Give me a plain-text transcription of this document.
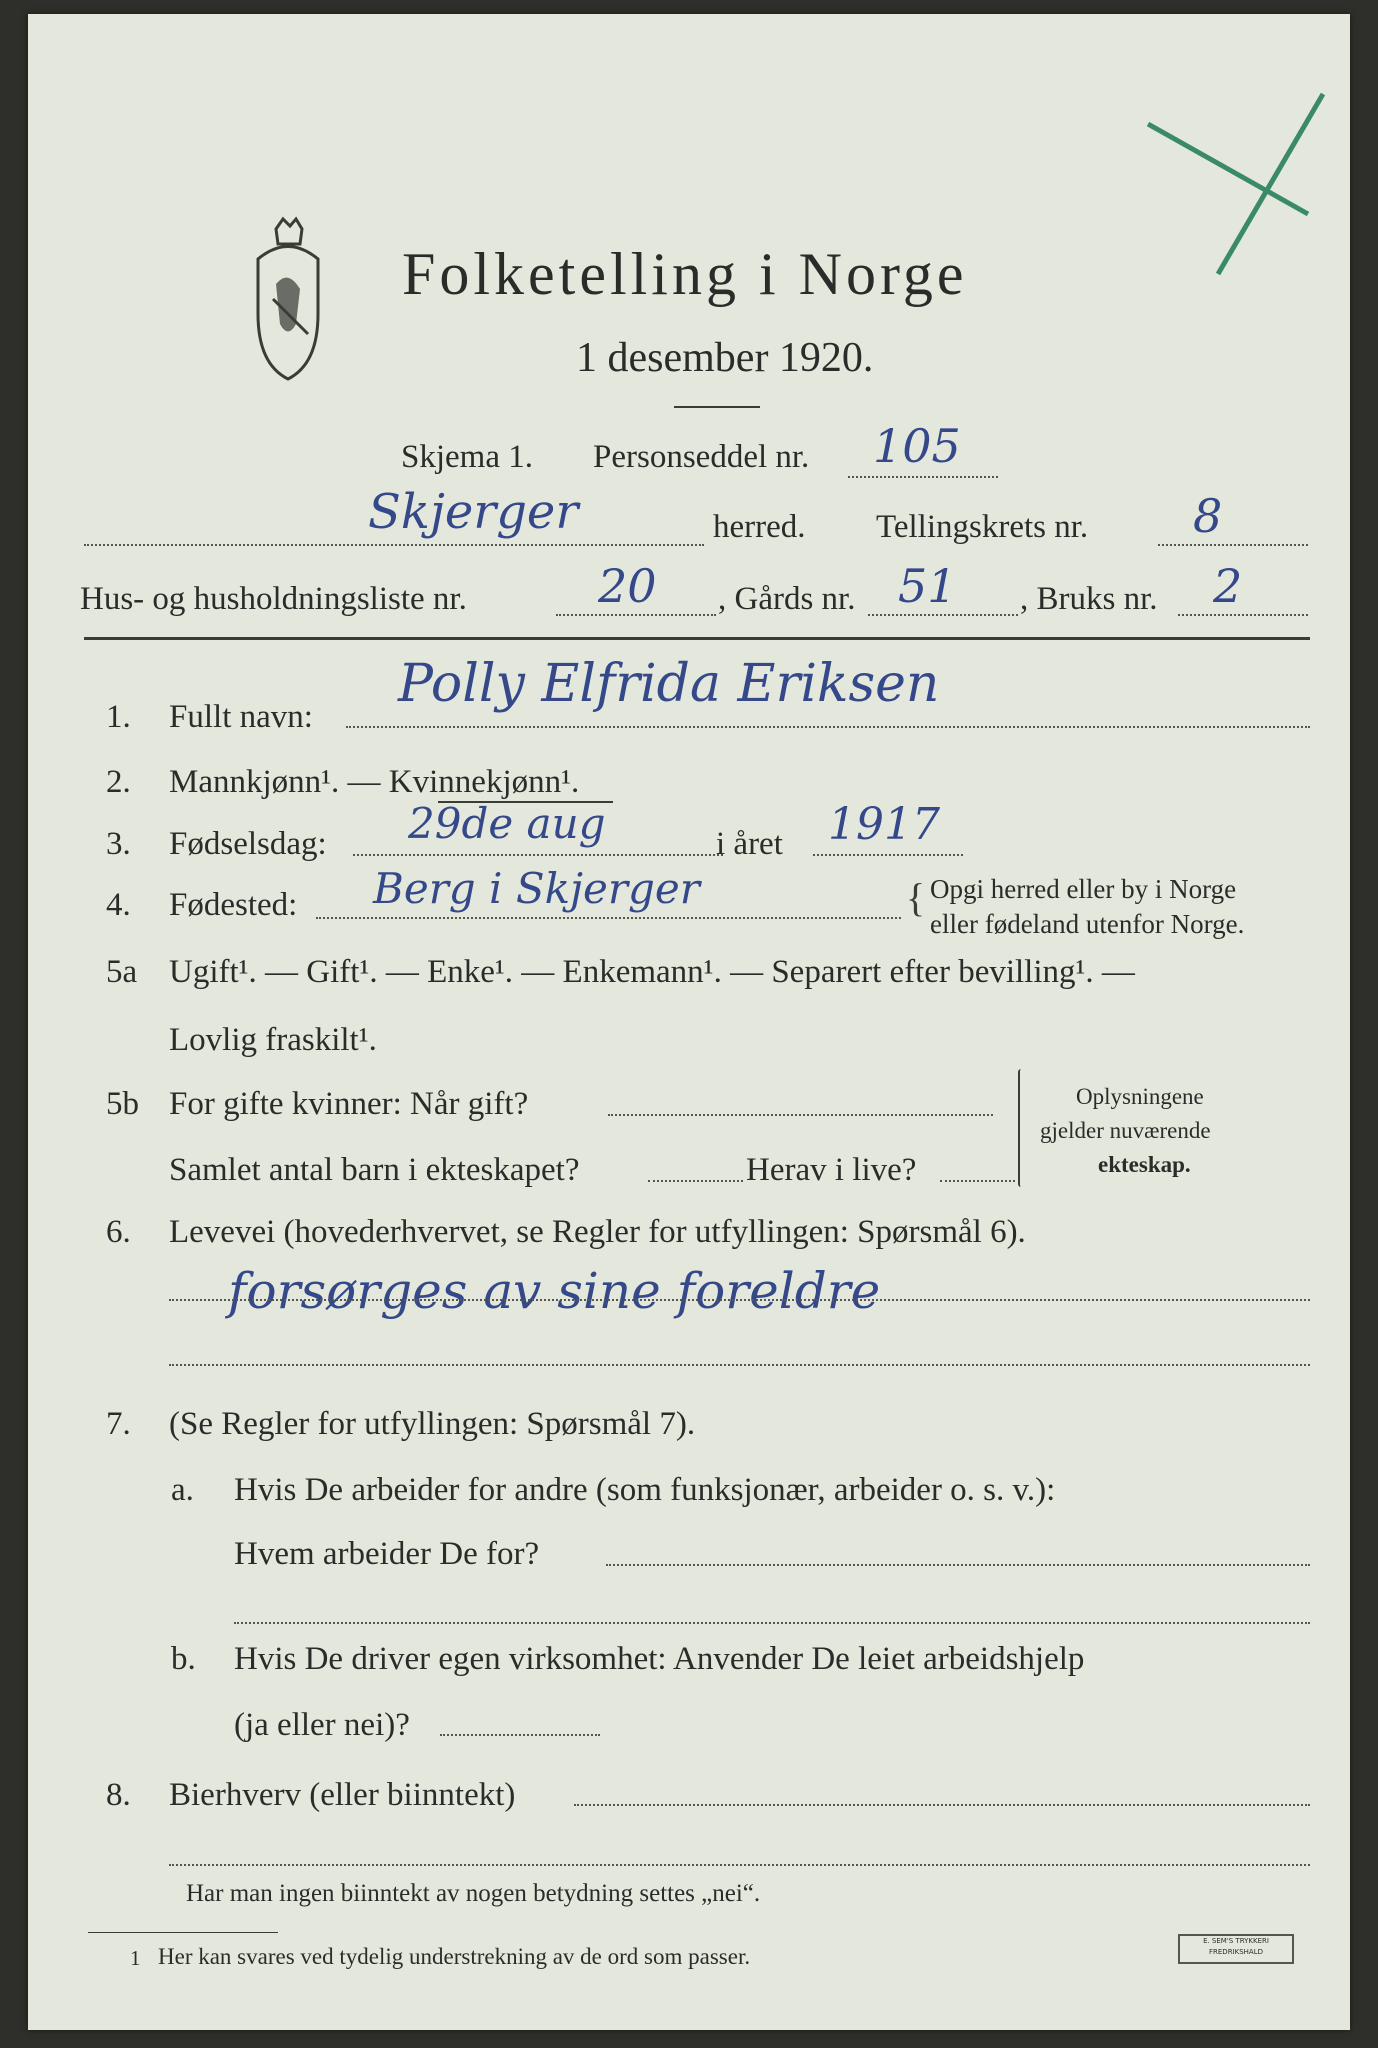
Folketelling i Norge
1 desember 1920.
Skjema 1. Personseddel nr. 105
Skjerger	herred. Tellingskrets nr. 8
Hus- og husholdningsliste nr.	20 , Gårds nr. 51 , Bruks nr. 2
1. Fullt navn:
Polly Elfrida Eriksen
2. Mannkjønn¹. — Kvinnekjønn¹.
3. Fødselsdag: 29de aug	i året 1917
4. Fødested: Berg i Skjerger	{ Opgi herred eller by i Norge
eller fødeland utenfor Norge.
5a Ugift¹. — Gift¹. — Enke¹. — Enkemann¹. — Separert efter bevilling¹. —
Lovlig fraskilt¹.
5b For gifte kvinner: Når gift?
Samlet antal barn i ekteskapet?	Herav i live?
Oplysningene
gjelder nuværende
ekteskap.
6. Levevei (hovederhvervet, se Regler for utfyllingen: Spørsmål 6).
forsørges av sine foreldre
7. (Se Regler for utfyllingen: Spørsmål 7).
a. Hvis De arbeider for andre (som funksjonær, arbeider o. s. v.):
Hvem arbeider De for?
b. Hvis De driver egen virksomhet: Anvender De leiet arbeidshjelp
(ja eller nei)?
8. Bierhverv (eller biinntekt)
Har man ingen biinntekt av nogen betydning settes „nei“.
1 Her kan svares ved tydelig understrekning av de ord som passer.
E. SEM'S TRYKKERI
FREDRIKSHALD
